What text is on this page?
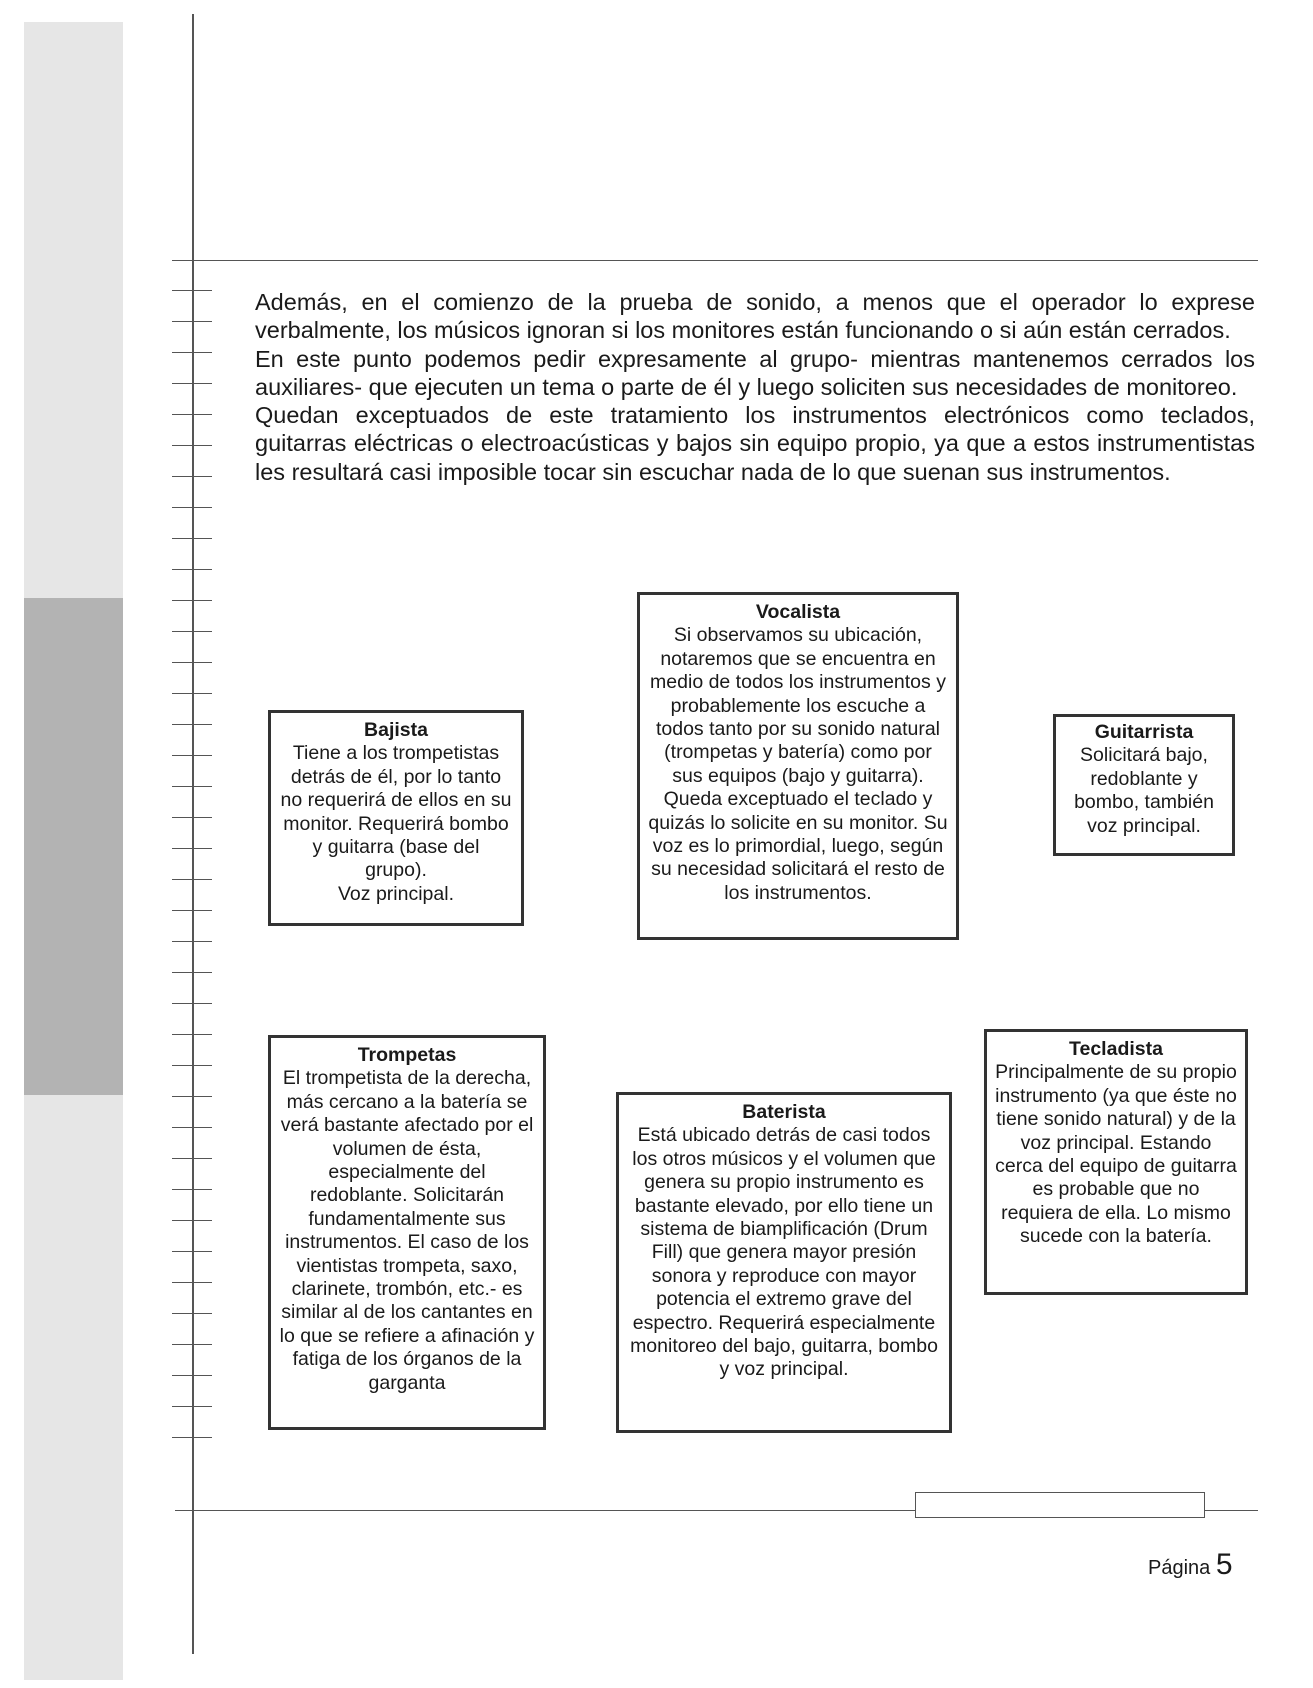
Además, en el comienzo de la prueba de sonido, a menos que el operador lo exprese verbalmente, los músicos ignoran si los monitores están funcionando o si aún están cerrados.

En este punto podemos pedir expresamente al grupo- mientras mantenemos cerrados los auxiliares- que ejecuten un tema o parte de él y luego soliciten sus necesidades de monitoreo.

Quedan exceptuados de este tratamiento los instrumentos electrónicos como teclados, guitarras eléctricas o electroacústicas y bajos sin equipo propio, ya que a estos instrumentistas les resultará casi imposible tocar sin escuchar nada de lo que suenan sus instrumentos.

Vocalista
Si observamos su ubicación, notaremos que se encuentra en medio de todos los instrumentos y probablemente los escuche a todos tanto por su sonido natural (trompetas y batería) como por sus equipos (bajo y guitarra). Queda exceptuado el teclado y quizás lo solicite en su monitor. Su voz es lo primordial, luego, según su necesidad solicitará el resto de los instrumentos.
Bajista
Tiene a los trompetistas detrás de él, por lo tanto no requerirá de ellos en su monitor. Requerirá bombo y guitarra (base del grupo).
Voz principal.
Guitarrista
Solicitará bajo, redoblante y bombo, también voz principal.
Trompetas
El trompetista de la derecha, más cercano a la batería se verá bastante afectado por el volumen de ésta, especialmente del redoblante. Solicitarán fundamentalmente sus instrumentos. El caso de los vientistas trompeta, saxo, clarinete, trombón, etc.- es similar al de los cantantes en lo que se refiere a afinación y fatiga de los órganos de la garganta
Baterista
Está ubicado detrás de casi todos los otros músicos y el volumen que genera su propio instrumento es bastante elevado, por ello tiene un sistema de biamplificación (Drum Fill) que genera mayor presión sonora y reproduce con mayor potencia el extremo grave del espectro. Requerirá especialmente monitoreo del bajo, guitarra, bombo y voz principal.
Tecladista
Principalmente de su propio instrumento (ya que éste no tiene sonido natural) y de la voz principal. Estando cerca del equipo de guitarra es probable que no requiera de ella. Lo mismo sucede con la batería.
Página 5
